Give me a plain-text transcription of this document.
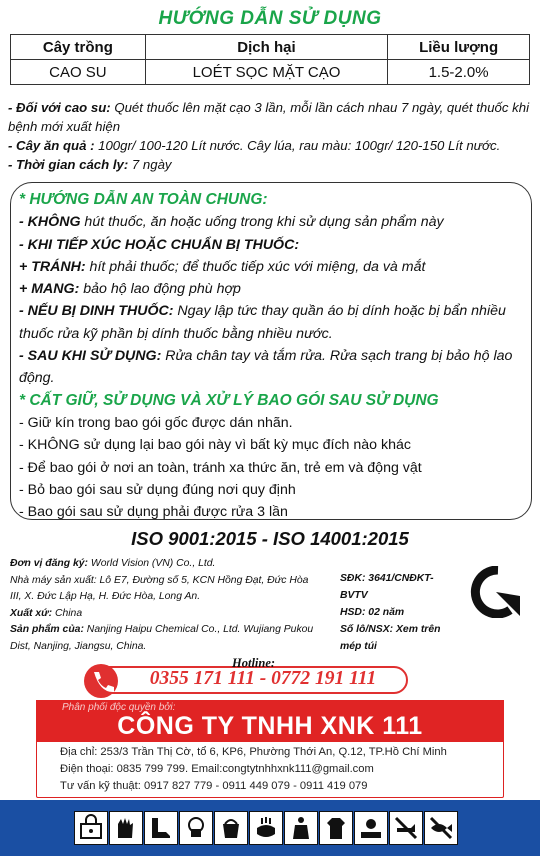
HƯỚNG DẪN SỬ DỤNG
Cây trồng	Dịch hại	Liều lượng
CAO SU	LOÉT SỌC MẶT CẠO	1.5-2.0%
- Đối với cao su: Quét thuốc lên mặt cạo 3 lần, mỗi lần cách nhau 7 ngày, quét thuốc khi bệnh mới xuất hiện
- Cây ăn quả : 100gr/ 100-120 Lít nước. Cây lúa, rau màu: 100gr/ 120-150 Lít nước.
- Thời gian cách ly: 7 ngày
* HƯỚNG DẪN AN TOÀN CHUNG:
- KHÔNG hút thuốc, ăn hoặc uống trong khi sử dụng sản phẩm này
- KHI TIẾP XÚC HOẶC CHUẨN BỊ THUỐC:
+ TRÁNH: hít phải thuốc; để thuốc tiếp xúc với miệng, da và mắt
+ MANG: bảo hộ lao động phù hợp
- NẾU BỊ DINH THUỐC: Ngay lập tức thay quần áo bị dính hoặc bị bẩn nhiều thuốc rửa kỹ phần bị dính thuốc bằng nhiều nước.
- SAU KHI SỬ DỤNG: Rửa chân tay và tắm rửa. Rửa sạch trang bị bảo hộ lao động.
* CẤT GIỮ, SỬ DỤNG VÀ XỬ LÝ BAO GÓI SAU SỬ DỤNG
- Giữ kín trong bao gói gốc được dán nhãn.
- KHÔNG sử dụng lại bao gói này vì bất kỳ mục đích nào khác
- Để bao gói ở nơi an toàn, tránh xa thức ăn, trẻ em và động vật
- Bỏ bao gói sau sử dụng đúng nơi quy định
- Bao gói sau sử dụng phải được rửa 3 lần
ISO 9001:2015 - ISO 14001:2015
Đơn vị đăng ký: World Vision (VN) Co., Ltd.
Nhà máy sản xuất: Lô E7, Đường số 5, KCN Hồng Đạt, Đức Hòa III, X. Đức Lập Hạ, H. Đức Hòa, Long An.
Xuất xứ: China
Sản phẩm của: Nanjing Haipu Chemical Co., Ltd. Wujiang Pukou Dist, Nanjing, Jiangsu, China.
SĐK: 3641/CNĐKT-BVTV
HSD: 02 năm
Số lô/NSX: Xem trên mép túi
Hotline:
0355 171 111 - 0772 191 111
Phân phối độc quyền bởi:
CÔNG TY TNHH XNK 111
Địa chỉ: 253/3 Trần Thị Cờ, tổ 6, KP6, Phường Thới An, Q.12, TP.Hồ Chí Minh
Điện thoại: 0835 799 799. Email:congtytnhhxnk111@gmail.com
Tư vấn kỹ thuật: 0917 827 779 - 0911 449 079 - 0911 419 079
